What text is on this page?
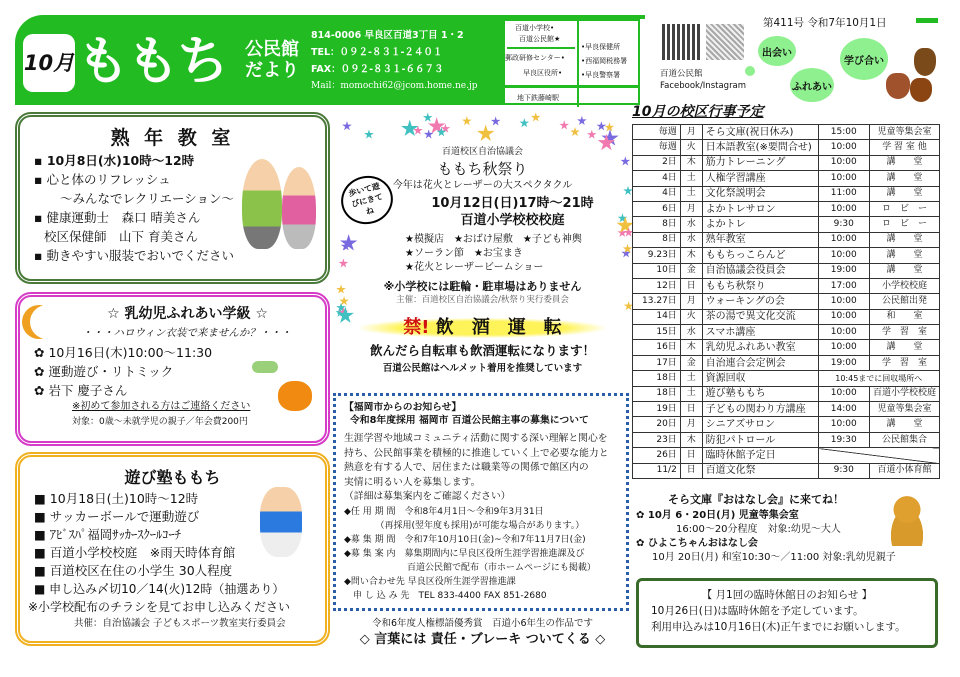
10月 ももち 公民館
だより
814-0006 早良区百道3丁目 1・2
TEL：０９２-８３１-２４０１
FAX：０９２-８３１-６６７３
Mail：momochi62@jcom.home.ne.jp
百道小学校•
百道公民館★
郵政研修センター•
早良区役所•
地下鉄藤崎駅
•早良保健所
•西福岡税務署
•早良警察署	百道公民館
Facebook/Instagram
第411号 令和7年10月1日
出会い
ふれあい
学び合い
熟 年 教 室
▪ 10月8日(水)10時～12時
▪ 心と体のリフレッシュ
～みんなでレクリエーション～
▪ 健康運動士　森口 晴美さん
校区保健師　山下 育美さん
▪ 動きやすい服装でおいでください
☆ 乳幼児ふれあい学級 ☆
・・・ハロウィン衣装で来ませんか？・・・
✿ 10月16日(木)10:00～11:30
✿ 運動遊び・リトミック
✿ 岩下 慶子さん
※初めて参加される方はご連絡ください
対象：0歳～未就学児の親子／年会費200円
遊び塾ももち
■ 10月18日(土)10時～12時
■ サッカーボールで運動遊び
■ ｱﾋﾞｽﾊﾟ福岡ｻｯｶｰｽｸｰﾙｺｰﾁ
■ 百道小学校校庭　※雨天時体育館
■ 百道校区在住の小学生 30人程度
■ 申し込み〆切10／14(火)12時（抽選あり）
※小学校配布のチラシを見てお申し込みください
共催：自治協議会 子どもスポーツ教室実行委員会
百道校区自治協議会
ももち秋祭り
今年は花火とレーザーの大スペクタクル
10月12日(日)17時～21時
百道小学校校校庭
歩いて遊びにきてね
★模擬店　★おばけ屋敷　★子ども神輿
★ソーラン節　★お宝まき
★花火とレーザービームショー
※小学校には駐輪・駐車場はありません
主催：百道校区自治協議会/秋祭り実行委員会
禁! 飲　酒　運　転
飲んだら自転車も飲酒運転になります！
百道公民館はヘルメット着用を推奨しています
【福岡市からのお知らせ】
令和8年度採用 福岡市 百道公民館主事の募集について
生涯学習や地域コミュニティ活動に関する深い理解と関心を
持ち、公民館事業を積極的に推進していく上で必要な能力と
熱意を有する人で、居住または職業等の関係で館区内の
実情に明るい人を募集します。
（詳細は募集案内をご確認ください）
◆任 用 期 間　令和8年4月1日～令和9年3月31日
　　　　（再採用(翌年度も採用)が可能な場合があります。）
◆募 集 期 間　令和7年10月10日(金)~令和7年11月7日(金)
◆募 集 案 内　募集期間内に早良区役所生涯学習推進課及び
　　　　　　　百道公民館で配布（市ホームページにも掲載）
◆問い合わせ先 早良区役所生涯学習推進課
　申 し 込 み 先　TEL 833-4400 FAX 851-2680
令和6年度人権標語優秀賞　百道小6年生の作品です
◇ 言葉には 責任・ブレーキ ついてくる ◇
10月の校区行事予定
毎週	月	そら文庫(祝日休み)	15:00	児童等集会室
毎週	火	日本語教室(※要問合せ)	10:00	学 習 室 他
2日	木	筋力トレーニング	10:00	講　　堂
4日	土	人権学習講座	10:00	講　　堂
4日	土	文化祭説明会	11:00	講　　堂
6日	月	よかトレサロン	10:00	ロ　ビ　ー
8日	水	よかトレ	9:30	ロ　ビ　ー
8日	水	熟年教室	10:00	講　　堂
9.23日	木	ももちっこらんど	10:00	講　　堂
10日	金	自治協議会役員会	19:00	講　　堂
12日	日	ももち秋祭り	17:00	小学校校庭
13.27日	月	ウォーキングの会	10:00	公民館出発
14日	火	茶の湯で異文化交流	10:00	和　　室
15日	水	スマホ講座	10:00	学　習　室
16日	木	乳幼児ふれあい教室	10:00	講　　堂
17日	金	自治連合会定例会	19:00	学　習　室
18日	土	資源回収	10:45までに回収場所へ	
18日	土	遊び塾ももち	10:00	百道小学校校庭
19日	日	子どもの関わり方講座	14:00	児童等集会室
20日	月	シニアズサロン	10:00	講　　堂
23日	木	防犯パトロール	19:30	公民館集合
26日	日	臨時休館予定日		
11/2	日	百道文化祭	9:30	百道小体育館
そら文庫『おはなし会』に来てね！
✿ 10月 6・20日(月) 児童等集会室
16:00～20分程度　対象:幼児～大人
✿ ひよこちゃんおはなし会
10月 20日(月) 和室10:30～／11:00 対象:乳幼児親子
【 月1回の臨時休館日のお知らせ 】
10月26日(日)は臨時休館を予定しています。
利用申込みは10月16日(木)正午までにお願いします。
